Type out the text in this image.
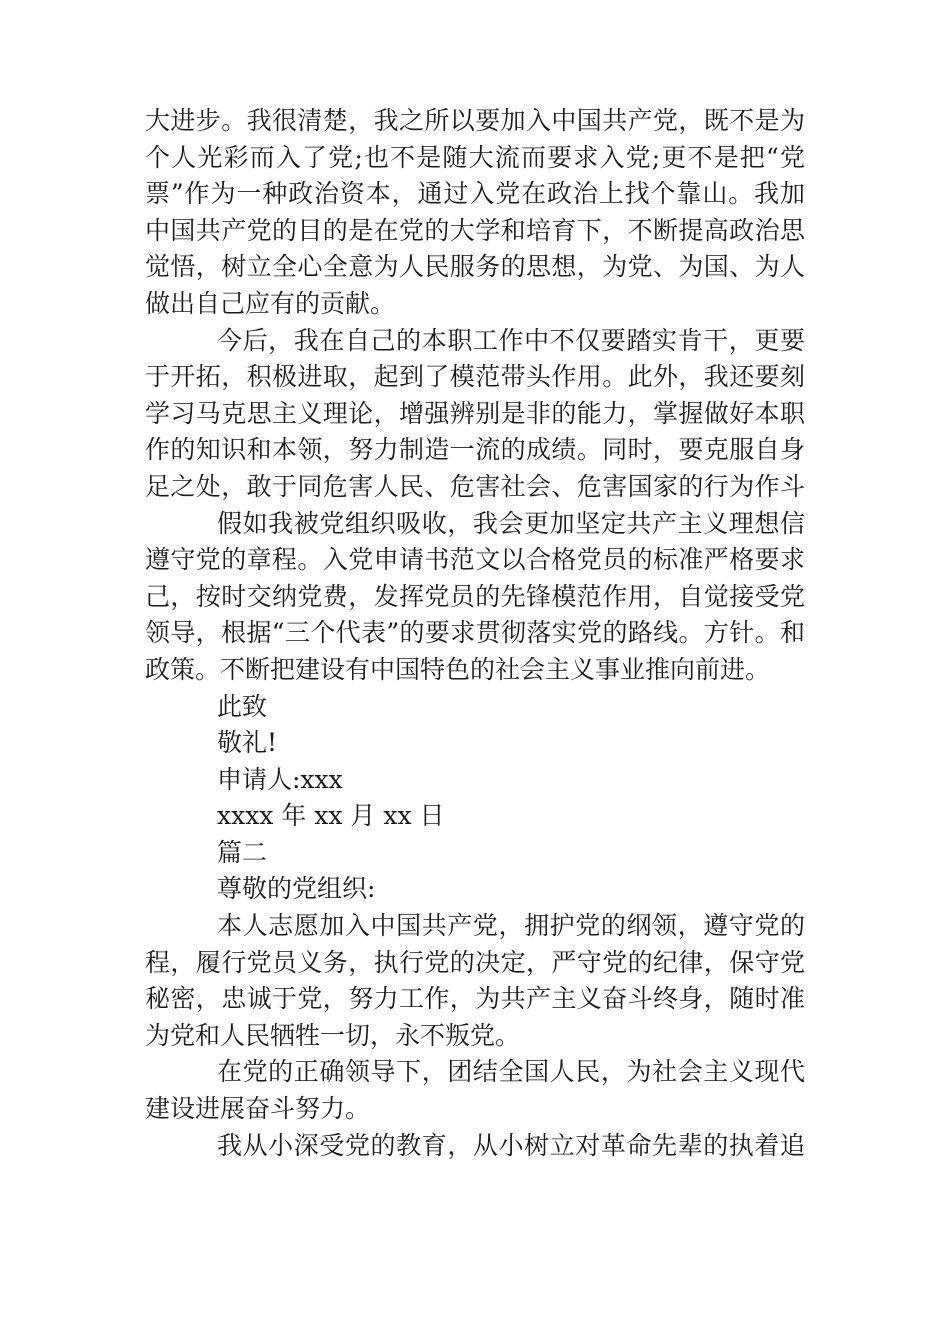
大进步。我很清楚，我之所以要加入中国共产党，既不是为
个人光彩而入了党;也不是随大流而要求入党;更不是把“党
票”作为一种政治资本，通过入党在政治上找个靠山。我加
中国共产党的目的是在党的大学和培育下，不断提高政治思
觉悟，树立全心全意为人民服务的思想，为党、为国、为人
做出自己应有的贡献。
今后，我在自己的本职工作中不仅要踏实肯干，更要
于开拓，积极进取，起到了模范带头作用。此外，我还要刻
学习马克思主义理论，增强辨别是非的能力，掌握做好本职
作的知识和本领，努力制造一流的成绩。同时，要克服自身
足之处，敢于同危害人民、危害社会、危害国家的行为作斗
假如我被党组织吸收，我会更加坚定共产主义理想信
遵守党的章程。入党申请书范文以合格党员的标准严格要求
己，按时交纳党费，发挥党员的先锋模范作用，自觉接受党
领导，根据“三个代表”的要求贯彻落实党的路线。方针。和
政策。不断把建设有中国特色的社会主义事业推向前进。
此致
敬礼!
申请人:xxx
xxxx 年 xx 月 xx 日
篇二
尊敬的党组织:
本人志愿加入中国共产党，拥护党的纲领，遵守党的
程，履行党员义务，执行党的决定，严守党的纪律，保守党
秘密，忠诚于党，努力工作，为共产主义奋斗终身，随时准
为党和人民牺牲一切，永不叛党。
在党的正确领导下，团结全国人民，为社会主义现代
建设进展奋斗努力。
我从小深受党的教育，从小树立对革命先辈的执着追
